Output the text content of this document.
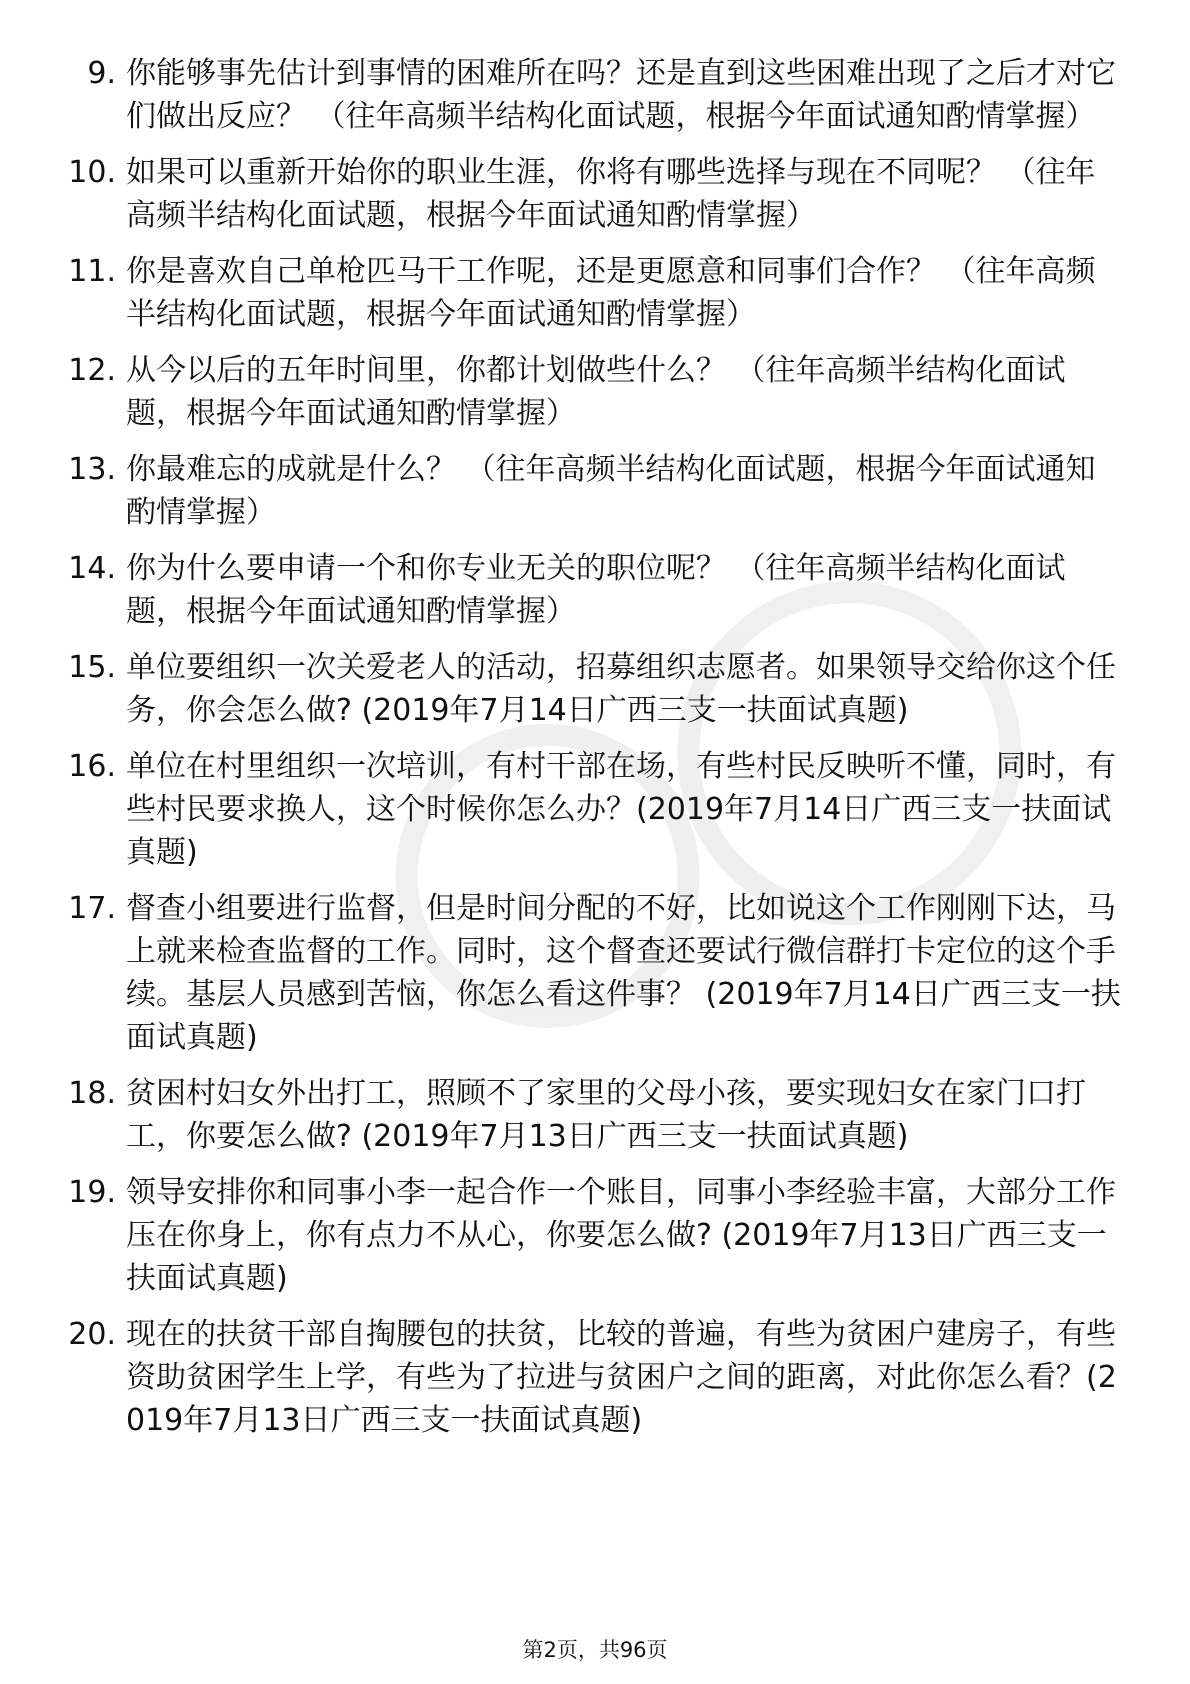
9. 你能够事先估计到事情的困难所在吗？还是直到这些困难出现了之后才对它们做出反应？ （往年高频半结构化面试题，根据今年面试通知酌情掌握）
10. 如果可以重新开始你的职业生涯，你将有哪些选择与现在不同呢？ （往年高频半结构化面试题，根据今年面试通知酌情掌握）
11. 你是喜欢自己单枪匹马干工作呢，还是更愿意和同事们合作？ （往年高频半结构化面试题，根据今年面试通知酌情掌握）
12. 从今以后的五年时间里，你都计划做些什么？ （往年高频半结构化面试题，根据今年面试通知酌情掌握）
13. 你最难忘的成就是什么？ （往年高频半结构化面试题，根据今年面试通知酌情掌握）
14. 你为什么要申请一个和你专业无关的职位呢？ （往年高频半结构化面试题，根据今年面试通知酌情掌握）
15. 单位要组织一次关爱老人的活动，招募组织志愿者。如果领导交给你这个任务，你会怎么做? (2019年7月14日广西三支一扶面试真题)
16. 单位在村里组织一次培训，有村干部在场，有些村民反映听不懂，同时，有些村民要求换人，这个时候你怎么办？(2019年7月14日广西三支一扶面试真题)
17. 督查小组要进行监督，但是时间分配的不好，比如说这个工作刚刚下达，马上就来检查监督的工作。同时，这个督查还要试行微信群打卡定位的这个手续。基层人员感到苦恼，你怎么看这件事？ (2019年7月14日广西三支一扶面试真题)
18. 贫困村妇女外出打工，照顾不了家里的父母小孩，要实现妇女在家门口打工，你要怎么做? (2019年7月13日广西三支一扶面试真题)
19. 领导安排你和同事小李一起合作一个账目，同事小李经验丰富，大部分工作压在你身上，你有点力不从心，你要怎么做? (2019年7月13日广西三支一扶面试真题)
20. 现在的扶贫干部自掏腰包的扶贫，比较的普遍，有些为贫困户建房子，有些资助贫困学生上学，有些为了拉进与贫困户之间的距离，对此你怎么看？(2019年7月13日广西三支一扶面试真题)
第2页，共96页
